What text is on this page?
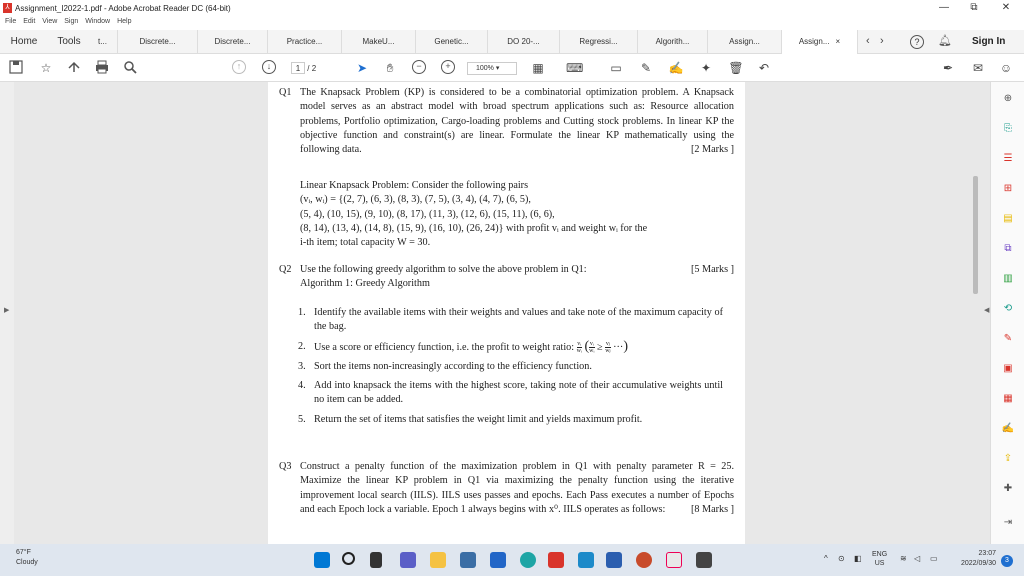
⅄ Assignment_I2022-1.pdf - Adobe Acrobat Reader DC (64-bit)	—	⧉	✕
File Edit View Sign Window Help
Home	Tools	t...	Discrete...	Discrete...	Practice...	MakeU...	Genetic...	DO 20-...	Regressi...	Algorith...	Assign...	Assign... ×	‹ ›	?	🔔︎ Sign In
☆	↑	↓	1 / 2	➤	✋︎	−	+	100% ▾	▦ ⌨ ▭ ✎ ✍ ✦ 🗑︎ ↶	✒ ✉ ☺
▶
Q1 The Knapsack Problem (KP) is considered to be a combinatorial optimization problem. A Knapsack model serves as an abstract model with broad spectrum applications such as: Resource allocation problems, Portfolio optimization, Cargo-loading problems and Cutting stock problems. In linear KP the objective function and constraint(s) are linear. Formulate the linear KP mathematically using the following data.	[2 Marks ]
Linear Knapsack Problem: Consider the following pairs
(vᵢ, wᵢ) = {(2, 7), (6, 3), (8, 3), (7, 5), (3, 4), (4, 7), (6, 5),
(5, 4), (10, 15), (9, 10), (8, 17), (11, 3), (12, 6), (15, 11), (6, 6),
(8, 14), (13, 4), (14, 8), (15, 9), (16, 10), (26, 24)} with profit vᵢ and weight wᵢ for the
i-th item; total capacity W = 30.
Q2 Use the following greedy algorithm to solve the above problem in Q1:	[5 Marks ]
Algorithm 1: Greedy Algorithm
1. Identify the available items with their weights and values and take note of the maximum capacity of the bag.
2. Use a score or efficiency function, i.e. the profit to weight ratio: $\frac{\text{vᵢ}}{\text{wᵢ}}$ ( $\frac{\text{vᵢ}}{\text{wᵢ}} \ge \frac{\text{vⱼ}}{\text{wⱼ}}$ ···)
3. Sort the items non-increasingly according to the efficiency function.
4. Add into knapsack the items with the highest score, taking note of their accumulative weights until no item can be added.
5. Return the set of items that satisfies the weight limit and yields maximum profit.
Q3 Construct a penalty function of the maximization problem in Q1 with penalty parameter R = 25. Maximize the linear KP problem in Q1 via maximizing the penalty function using the iterative improvement local search (IILS). IILS uses passes and epochs. Each Pass executes a number of Epochs and each Epoch lock a variable. Epoch 1 always begins with x⁰. IILS operates as follows:	[8 Marks ]
◀
⊕
⎘
☰
⊞
▤
⧉
▥
⟲
✎
▣
▦
✍
⇪
✚
⇥
67°F
Cloudy	^ ⊙ ◧ ENG
US
≋ ◁ ▭
23:07
2022/09/30	3
